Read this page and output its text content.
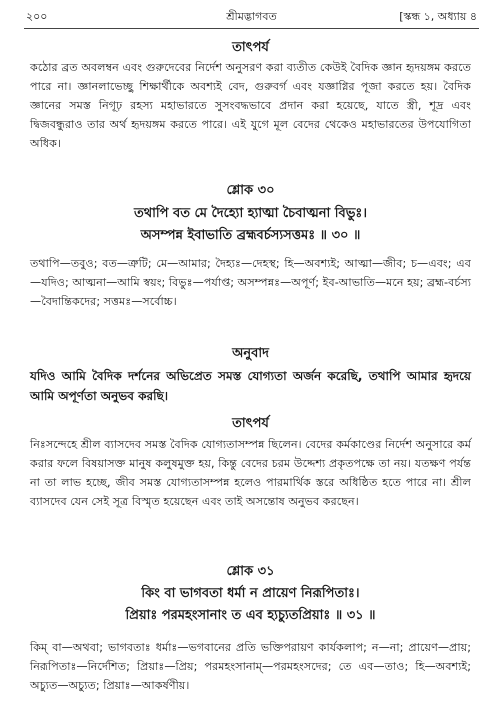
২০০	শ্রীমদ্ভাগবত	[স্কন্ধ ১, অধ্যায় ৪
তাৎপর্য
কঠোর ব্রত অবলম্বন এবং গুরুদেবের নির্দেশ অনুসরণ করা ব্যতীত কেউই বৈদিক জ্ঞান হৃদয়ঙ্গম করতে পারে না। জ্ঞানলাভেচ্ছু শিক্ষার্থীকে অবশ্যই বেদ, গুরুবর্গ এবং যজ্ঞাগ্নির পূজা করতে হয়। বৈদিক জ্ঞানের সমস্ত নিগূঢ় রহস্য মহাভারতে সুসংবদ্ধভাবে প্রদান করা হয়েছে, যাতে স্ত্রী, শূদ্র এবং দ্বিজবন্ধুরাও তার অর্থ হৃদয়ঙ্গম করতে পারে। এই যুগে মূল বেদের থেকেও মহাভারতের উপযোগিতা অধিক।
শ্লোক ৩০
তথাপি বত মে দৈহ্যো হ্যাত্মা চৈবাত্মনা বিভুঃ।
অসম্পন্ন ইবাভাতি ব্রহ্মবর্চস্যসত্তমঃ ॥ ৩০ ॥
তথাপি—তবুও; বত—ত্রুটি; মে—আমার; দৈহ্যঃ—দেহস্থ; হি—অবশ্যই; আত্মা—জীব; চ—এবং; এব—যদিও; আত্মনা—আমি স্বয়ং; বিভুঃ—পর্যাপ্ত; অসম্পন্নঃ—অপূর্ণ; ইব-আভাতি—মনে হয়; ব্রহ্ম-বর্চস্য—বৈদান্তিকদের; সত্তমঃ—সর্বোচ্চ।
অনুবাদ
যদিও আমি বৈদিক দর্শনের অভিপ্রেত সমস্ত যোগ্যতা অর্জন করেছি, তথাপি আমার হৃদয়ে আমি অপূর্ণতা অনুভব করছি।
তাৎপর্য
নিঃসন্দেহে শ্রীল ব্যাসদেব সমস্ত বৈদিক যোগ্যতাসম্পন্ন ছিলেন। বেদের কর্মকাণ্ডের নির্দেশ অনুসারে কর্ম করার ফলে বিষয়াসক্ত মানুষ কলুষমুক্ত হয়, কিন্তু বেদের চরম উদ্দেশ্য প্রকৃতপক্ষে তা নয়। যতক্ষণ পর্যন্ত না তা লাভ হচ্ছে, জীব সমস্ত যোগ্যতাসম্পন্ন হলেও পারমার্থিক স্তরে অধিষ্ঠিত হতে পারে না। শ্রীল ব্যাসদেব যেন সেই সূত্র বিস্মৃত হয়েছেন এবং তাই অসন্তোষ অনুভব করছেন।
শ্লোক ৩১
কিং বা ভাগবতা ধর্মা ন প্রায়েণ নিরূপিতাঃ।
প্রিয়াঃ পরমহংসানাং ত এব হ্যচ্যুতপ্রিয়াঃ ॥ ৩১ ॥
কিম্ বা—অথবা; ভাগবতাঃ ধর্মাঃ—ভগবানের প্রতি ভক্তিপরায়ণ কার্যকলাপ; ন—না; প্রায়েণ—প্রায়; নিরূপিতাঃ—নির্দেশিত; প্রিয়াঃ—প্রিয়; পরমহংসানাম্—পরমহংসদের; তে এব—তাও; হি—অবশ্যই; অচ্যুত—অচ্যুত; প্রিয়াঃ—আকর্ষণীয়।
